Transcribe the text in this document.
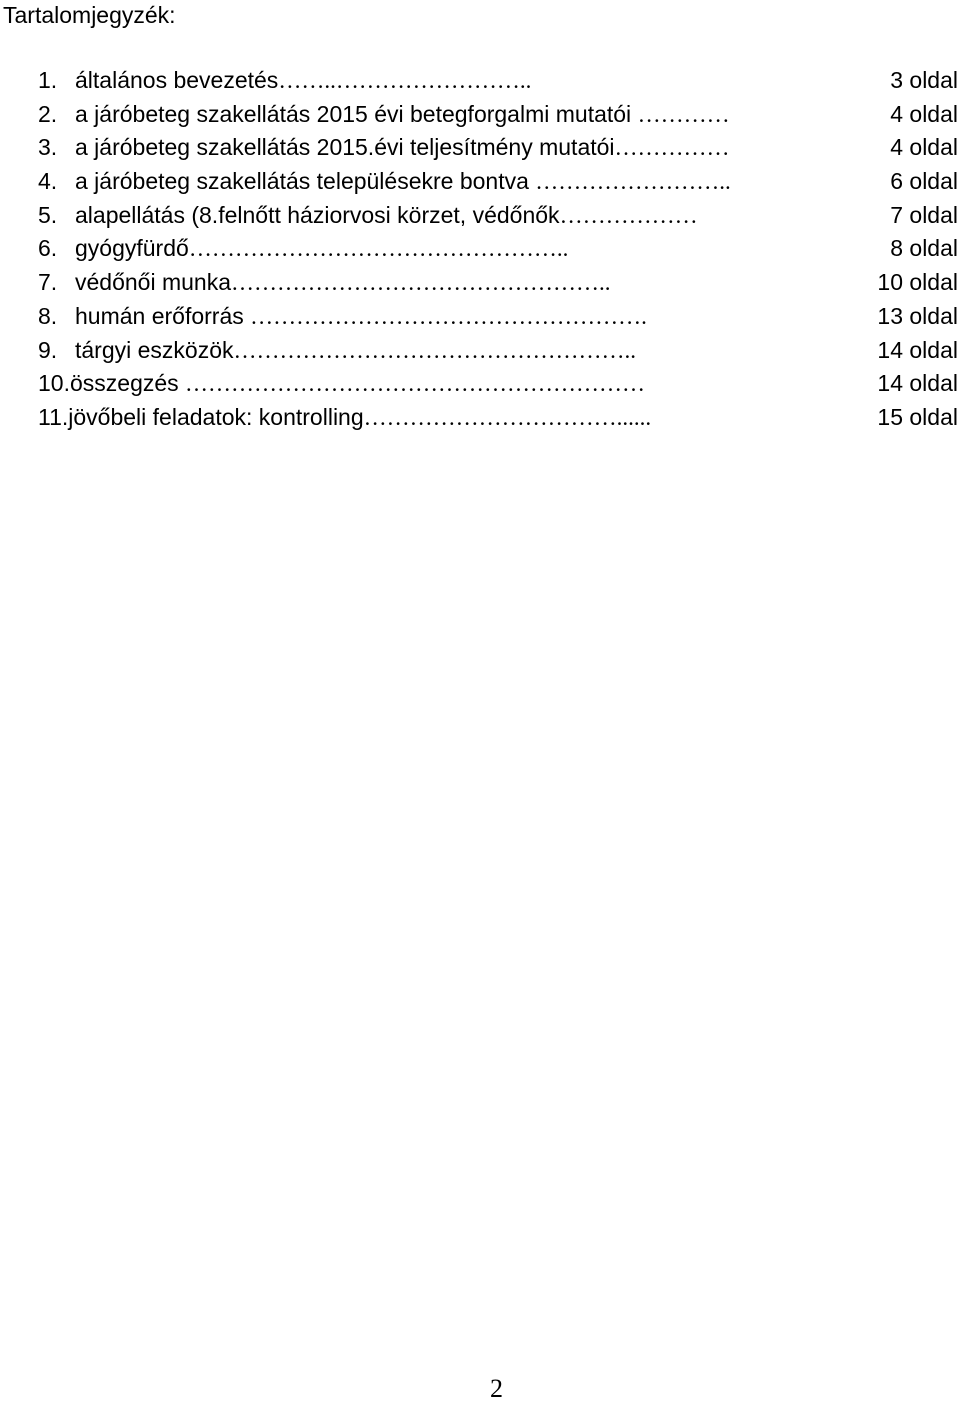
Tartalomjegyzék:
1. általános bevezetés……..……………………..	3 oldal
2. a járóbeteg szakellátás 2015 évi betegforgalmi mutatói …………	4 oldal
3. a járóbeteg szakellátás 2015.évi teljesítmény mutatói……………	4 oldal
4. a járóbeteg szakellátás településekre bontva ……………………..	6 oldal
5. alapellátás (8.felnőtt háziorvosi körzet, védőnők………………	7 oldal
6. gyógyfürdő…………………………………………..	8 oldal
7. védőnői munka…………………………………………..	10 oldal
8. humán erőforrás …………………………………………….	13 oldal
9. tárgyi eszközök……………………………………………..	14 oldal
10.összegzés ……………………………………………………	14 oldal
11.jövőbeli feladatok: kontrolling……………………………......	15 oldal
2
